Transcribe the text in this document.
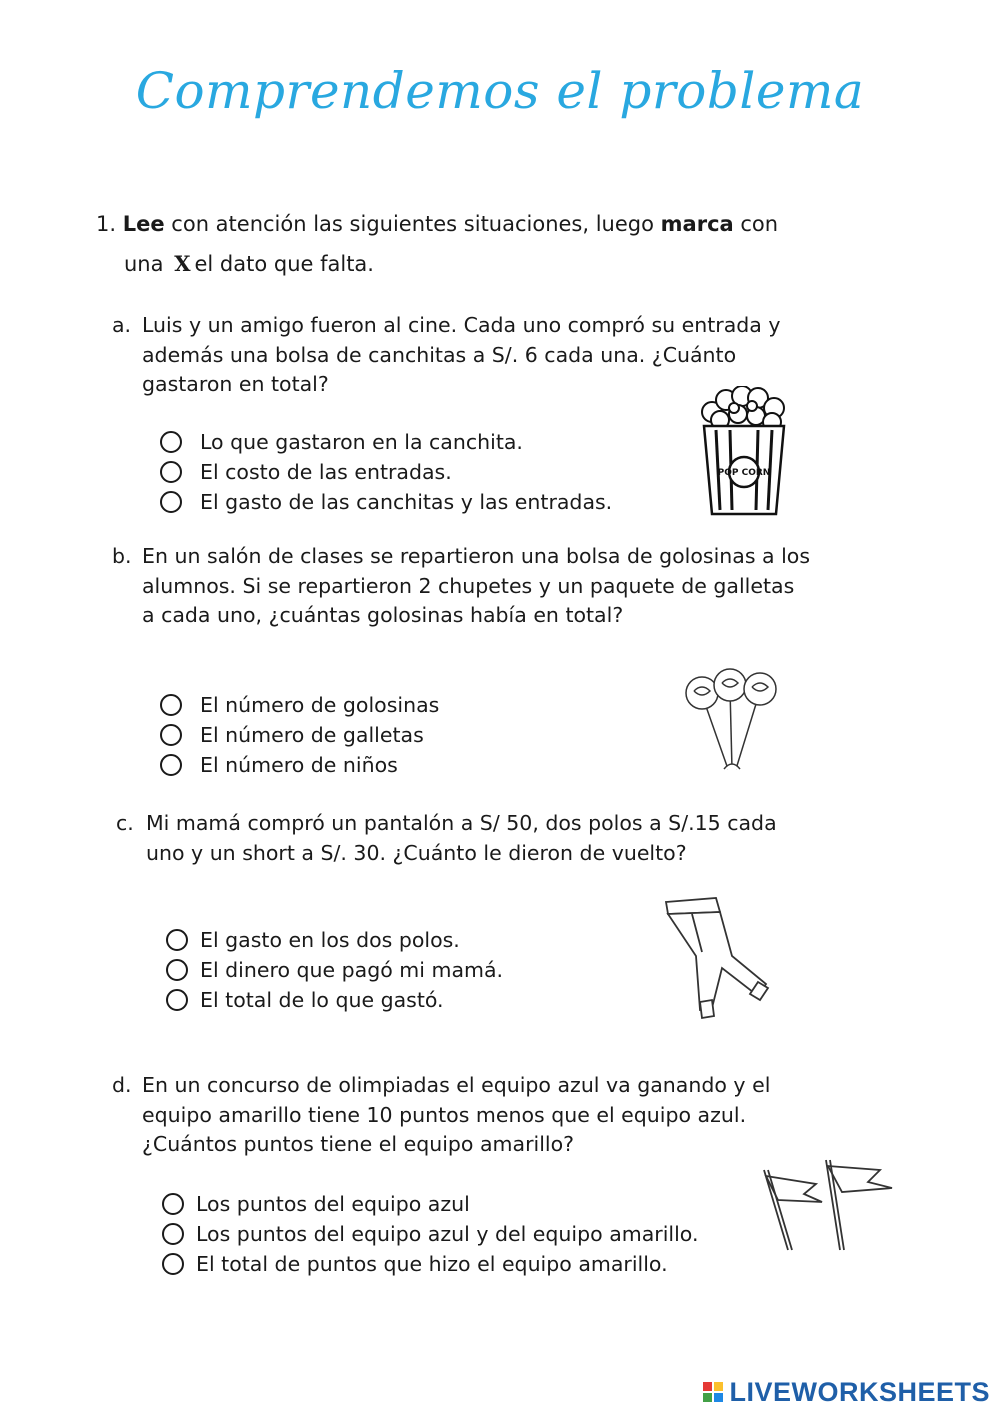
Comprendemos el problema
1. Lee con atención las siguientes situaciones, luego marca con
una X el dato que falta.
a. Luis y un amigo fueron al cine. Cada uno compró su entrada y además una bolsa de canchitas a S/. 6 cada una. ¿Cuánto gastaron en total?
Lo que gastaron en la canchita.
El costo de las entradas.
El gasto de las canchitas y las entradas.
POP CORN
b. En un salón de clases se repartieron una bolsa de golosinas a los alumnos. Si se repartieron 2 chupetes y un paquete de galletas a cada uno, ¿cuántas golosinas había en total?
El número de golosinas
El número de galletas
El número de niños
c. Mi mamá compró un pantalón a S/ 50, dos polos a S/.15 cada uno y un short a S/. 30. ¿Cuánto le dieron de vuelto?
El gasto en los dos polos.
El dinero que pagó mi mamá.
El total de lo que gastó.
d. En un concurso de olimpiadas el equipo azul va ganando y el equipo amarillo tiene 10 puntos menos que el equipo azul. ¿Cuántos puntos tiene el equipo amarillo?
Los puntos del equipo azul
Los puntos del equipo azul y del equipo amarillo.
El total de puntos que hizo el equipo amarillo.
LIVEWORKSHEETS
